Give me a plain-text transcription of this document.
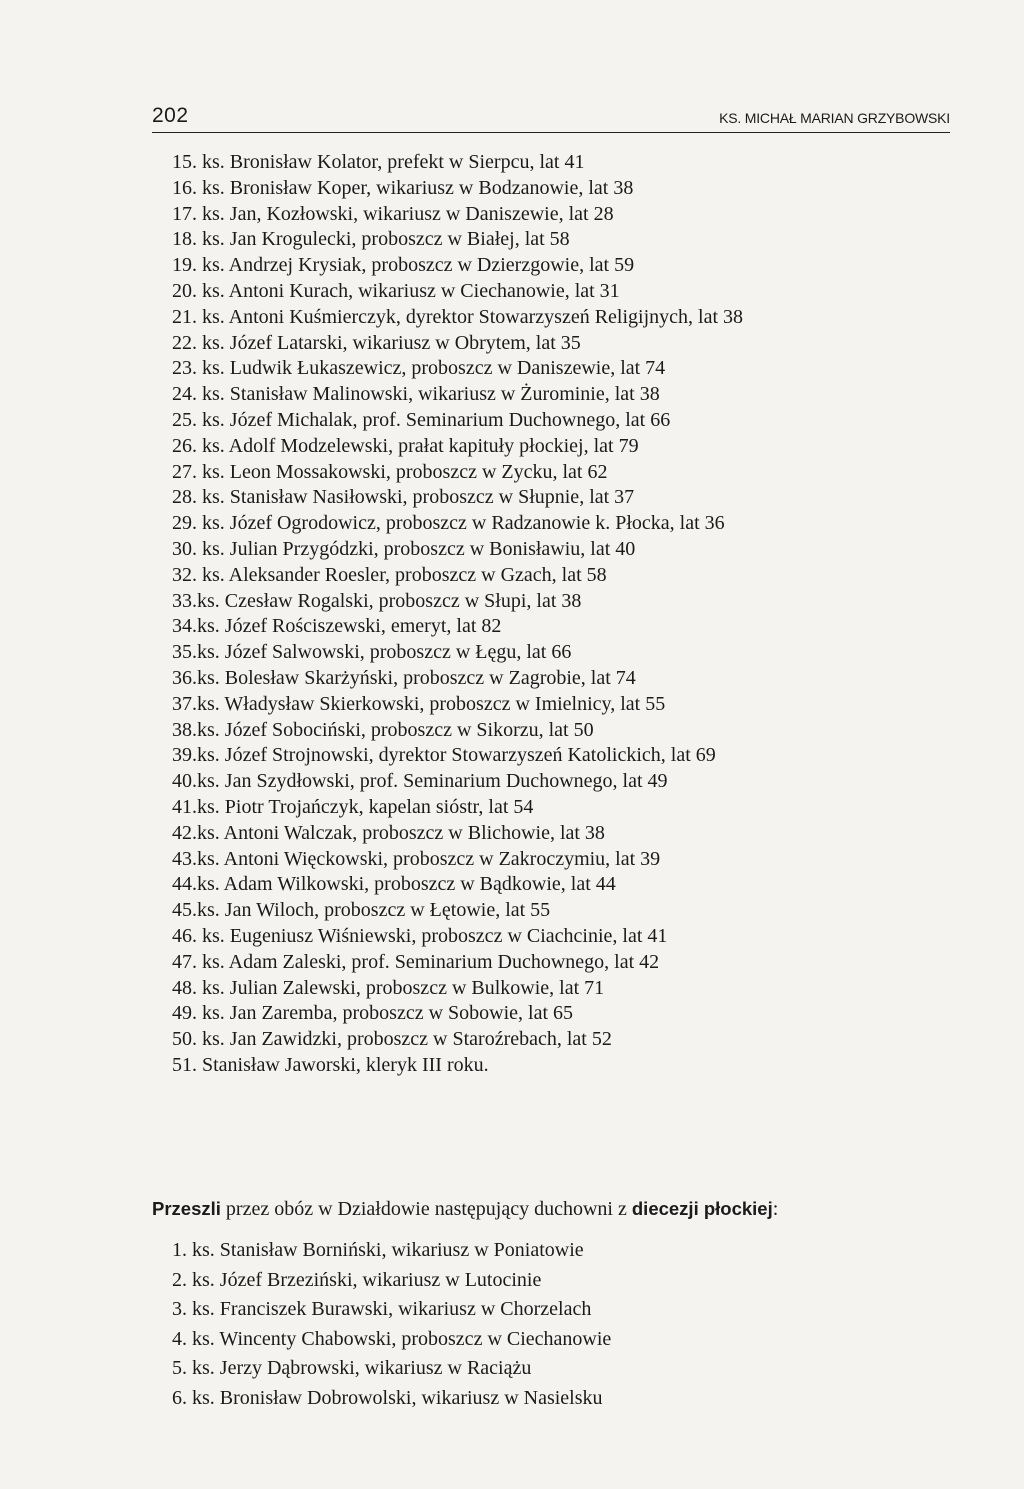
202	KS. MICHAŁ MARIAN GRZYBOWSKI
15. ks. Bronisław Kolator, prefekt w Sierpcu, lat 41
16. ks. Bronisław Koper, wikariusz w Bodzanowie, lat 38
17. ks. Jan, Kozłowski, wikariusz w Daniszewie, lat 28
18. ks. Jan Krogulecki, proboszcz w Białej, lat 58
19. ks. Andrzej Krysiak, proboszcz w Dzierzgowie, lat 59
20. ks. Antoni Kurach, wikariusz w Ciechanowie, lat 31
21. ks. Antoni Kuśmierczyk, dyrektor Stowarzyszeń Religijnych, lat 38
22. ks. Józef Latarski, wikariusz w Obrytem, lat 35
23. ks. Ludwik Łukaszewicz, proboszcz w Daniszewie, lat 74
24. ks. Stanisław Malinowski, wikariusz w Żurominie, lat 38
25. ks. Józef Michalak, prof. Seminarium Duchownego, lat 66
26. ks. Adolf Modzelewski, prałat kapituły płockiej, lat 79
27. ks. Leon Mossakowski, proboszcz w Zycku, lat 62
28. ks. Stanisław Nasiłowski, proboszcz w Słupnie, lat 37
29. ks. Józef Ogrodowicz, proboszcz w Radzanowie k. Płocka, lat 36
30. ks. Julian Przygódzki, proboszcz w Bonisławiu, lat 40
32. ks. Aleksander Roesler, proboszcz w Gzach, lat 58
33.ks. Czesław Rogalski, proboszcz w Słupi, lat 38
34.ks. Józef Rościszewski, emeryt, lat 82
35.ks. Józef Salwowski, proboszcz w Łęgu, lat 66
36.ks. Bolesław Skarżyński, proboszcz w Zagrobie, lat 74
37.ks. Władysław Skierkowski, proboszcz w Imielnicy, lat 55
38.ks. Józef Sobociński, proboszcz w Sikorzu, lat 50
39.ks. Józef Strojnowski, dyrektor Stowarzyszeń Katolickich, lat 69
40.ks. Jan Szydłowski, prof. Seminarium Duchownego, lat 49
41.ks. Piotr Trojańczyk, kapelan sióstr, lat 54
42.ks. Antoni Walczak, proboszcz w Blichowie, lat 38
43.ks. Antoni Więckowski, proboszcz w Zakroczymiu, lat 39
44.ks. Adam Wilkowski, proboszcz w Bądkowie, lat 44
45.ks. Jan Wiloch, proboszcz w Łętowie, lat 55
46. ks. Eugeniusz Wiśniewski, proboszcz w Ciachcinie, lat 41
47. ks. Adam Zaleski, prof. Seminarium Duchownego, lat 42
48. ks. Julian Zalewski, proboszcz w Bulkowie, lat 71
49. ks. Jan Zaremba, proboszcz w Sobowie, lat 65
50. ks. Jan Zawidzki, proboszcz w Staroźrebach, lat 52
51. Stanisław Jaworski, kleryk III roku.
Przeszli przez obóz w Działdowie następujący duchowni z diecezji płockiej:
1. ks. Stanisław Borniński, wikariusz w Poniatowie
2. ks. Józef Brzeziński, wikariusz w Lutocinie
3. ks. Franciszek Burawski, wikariusz w Chorzelach
4. ks. Wincenty Chabowski, proboszcz w Ciechanowie
5. ks. Jerzy Dąbrowski, wikariusz w Raciążu
6. ks. Bronisław Dobrowolski, wikariusz w Nasielsku
